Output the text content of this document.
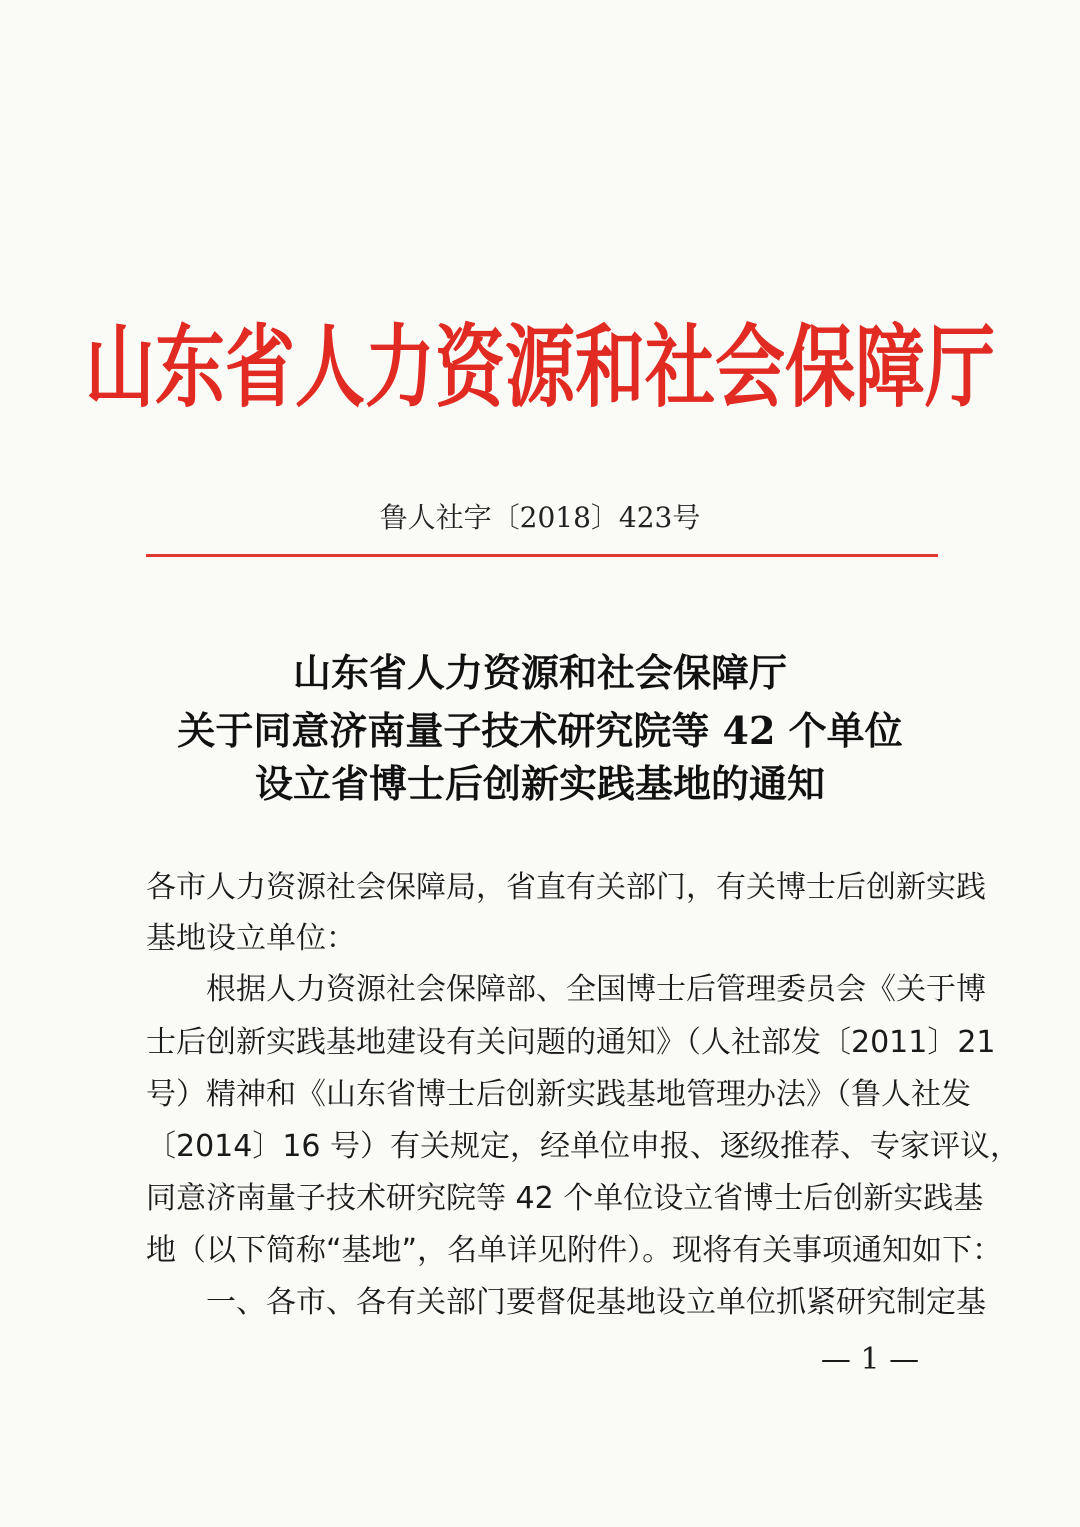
山东省人力资源和社会保障厅
鲁人社字〔2018〕423号
山东省人力资源和社会保障厅
关于同意济南量子技术研究院等 42 个单位
设立省博士后创新实践基地的通知
各市人力资源社会保障局，省直有关部门，有关博士后创新实践
基地设立单位：
根据人力资源社会保障部、全国博士后管理委员会《关于博
士后创新实践基地建设有关问题的通知》（人社部发〔2011〕21
号）精神和《山东省博士后创新实践基地管理办法》（鲁人社发
〔2014〕16 号）有关规定，经单位申报、逐级推荐、专家评议，
同意济南量子技术研究院等 42 个单位设立省博士后创新实践基
地（以下简称“基地”，名单详见附件）。现将有关事项通知如下：
一、各市、各有关部门要督促基地设立单位抓紧研究制定基
— 1 —
